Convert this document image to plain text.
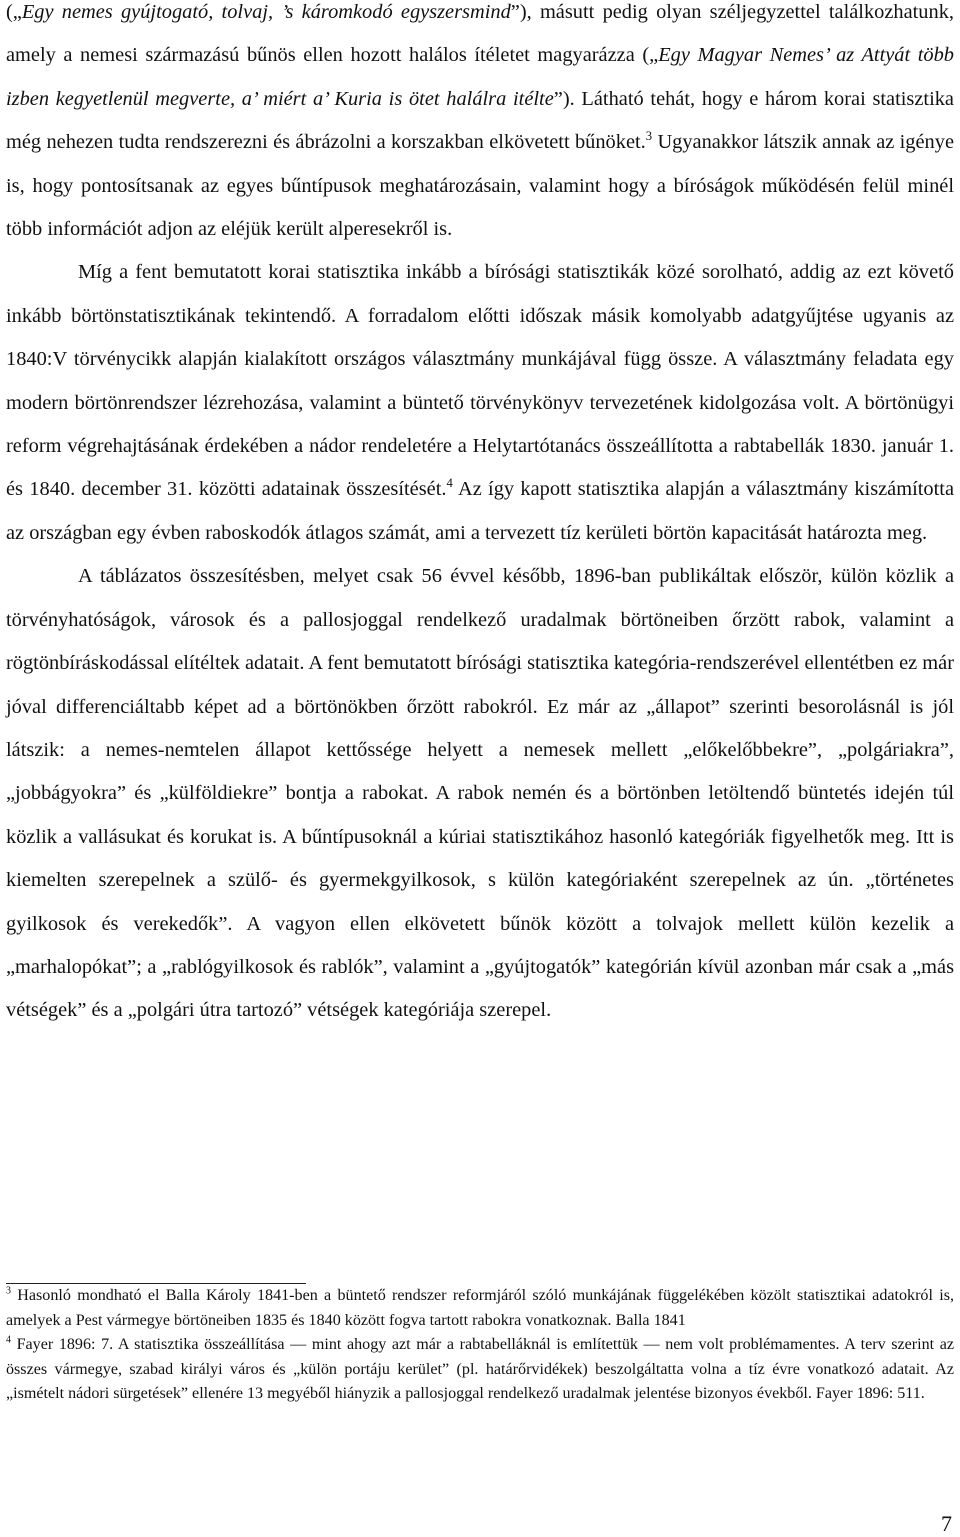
(„Egy nemes gyújtogató, tolvaj, ’s káromkodó egyszersmind”), másutt pedig olyan széljegyzettel találkozhatunk, amely a nemesi származású bűnös ellen hozott halálos ítéletet magyarázza („Egy Magyar Nemes’ az Attyát több izben kegyetlenül megverte, a’ miért a’ Kuria is ötet halálra itélte”). Látható tehát, hogy e három korai statisztika még nehezen tudta rendszerezni és ábrázolni a korszakban elkövetett bűnöket.$^3$ Ugyanakkor látszik annak az igénye is, hogy pontosítsanak az egyes bűntípusok meghatározásain, valamint hogy a bíróságok működésén felül minél több információt adjon az eléjük került alperesekről is.

Míg a fent bemutatott korai statisztika inkább a bírósági statisztikák közé sorolható, addig az ezt követő inkább börtönstatisztikának tekintendő. A forradalom előtti időszak másik komolyabb adatgyűjtése ugyanis az 1840:V törvénycikk alapján kialakított országos választmány munkájával függ össze. A választmány feladata egy modern börtönrendszer lézrehozása, valamint a büntető törvénykönyv tervezetének kidolgozása volt. A börtönügyi reform végrehajtásának érdekében a nádor rendeletére a Helytartótanács összeállította a rabtabellák 1830. január 1. és 1840. december 31. közötti adatainak összesítését.$^4$ Az így kapott statisztika alapján a választmány kiszámította az országban egy évben raboskodók átlagos számát, ami a tervezett tíz kerületi börtön kapacitását határozta meg.

A táblázatos összesítésben, melyet csak 56 évvel később, 1896-ban publikáltak először, külön közlik a törvényhatóságok, városok és a pallosjoggal rendelkező uradalmak börtöneiben őrzött rabok, valamint a rögtönbíráskodással elítéltek adatait. A fent bemutatott bírósági statisztika kategória-rendszerével ellentétben ez már jóval differenciáltabb képet ad a börtönökben őrzött rabokról. Ez már az „állapot” szerinti besorolásnál is jól látszik: a nemes-nemtelen állapot kettőssége helyett a nemesek mellett „előkelőbbekre”, „polgáriakra”, „jobbágyokra” és „külföldiekre” bontja a rabokat. A rabok nemén és a börtönben letöltendő büntetés idején túl közlik a vallásukat és korukat is. A bűntípusoknál a kúriai statisztikához hasonló kategóriák figyelhetők meg. Itt is kiemelten szerepelnek a szülő- és gyermekgyilkosok, s külön kategóriaként szerepelnek az ún. „történetes gyilkosok és verekedők”. A vagyon ellen elkövetett bűnök között a tolvajok mellett külön kezelik a „marhalopókat”; a „rablógyilkosok és rablók”, valamint a „gyújtogatók” kategórián kívül azonban már csak a „más vétségek” és a „polgári útra tartozó” vétségek kategóriája szerepel.

$^3$ Hasonló mondható el Balla Károly 1841-ben a büntető rendszer reformjáról szóló munkájának függelékében közölt statisztikai adatokról is, amelyek a Pest vármegye börtöneiben 1835 és 1840 között fogva tartott rabokra vonatkoznak. Balla 1841

$^4$ Fayer 1896: 7. A statisztika összeállítása — mint ahogy azt már a rabtabelláknál is említettük — nem volt problémamentes. A terv szerint az összes vármegye, szabad királyi város és „külön portáju kerület” (pl. határőrvidékek) beszolgáltatta volna a tíz évre vonatkozó adatait. Az „ismételt nádori sürgetések” ellenére 13 megyéből hiányzik a pallosjoggal rendelkező uradalmak jelentése bizonyos évekből. Fayer 1896: 511.

7
